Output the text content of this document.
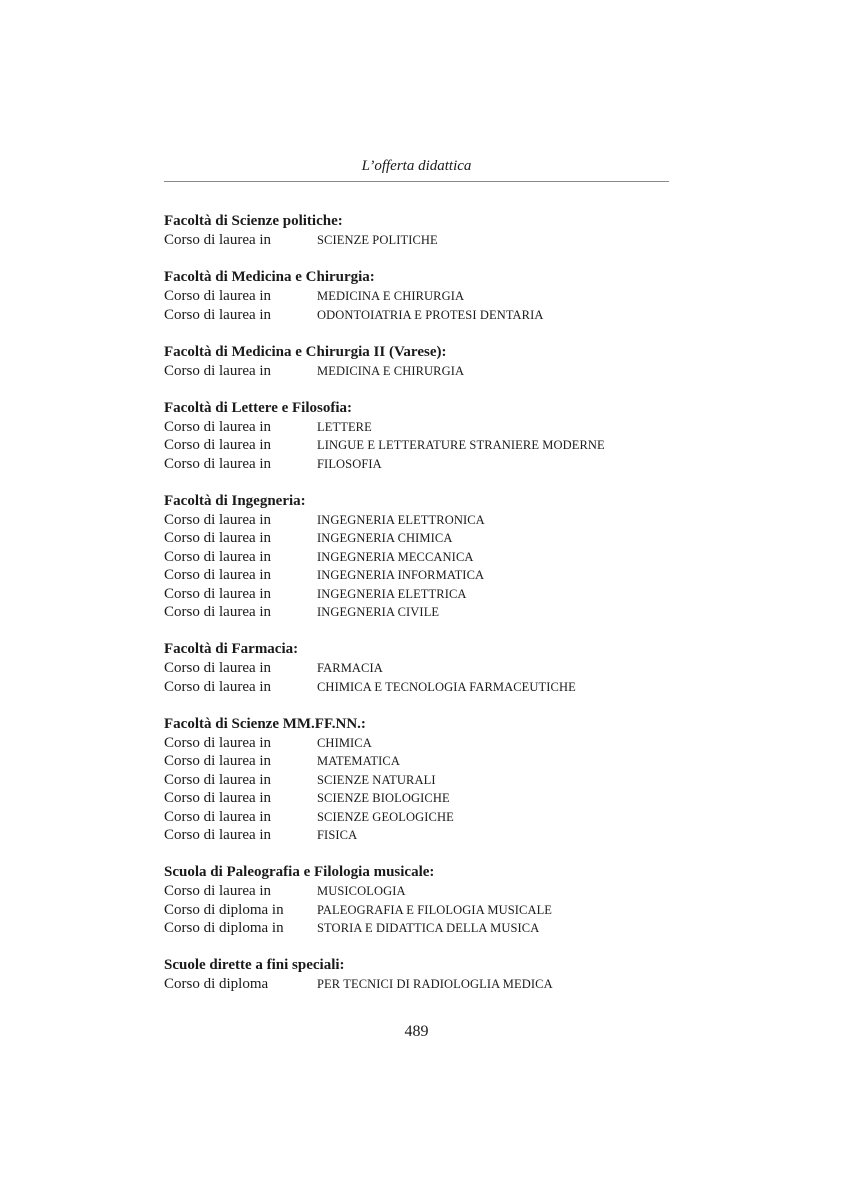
L’offerta didattica
Facoltà di Scienze politiche:
Corso di laurea in	SCIENZE POLITICHE
Facoltà di Medicina e Chirurgia:
Corso di laurea in	MEDICINA E CHIRURGIA
Corso di laurea in	ODONTOIATRIA E PROTESI DENTARIA
Facoltà di Medicina e Chirurgia II (Varese):
Corso di laurea in	MEDICINA E CHIRURGIA
Facoltà di Lettere e Filosofia:
Corso di laurea in	LETTERE
Corso di laurea in	LINGUE E LETTERATURE STRANIERE MODERNE
Corso di laurea in	FILOSOFIA
Facoltà di Ingegneria:
Corso di laurea in	INGEGNERIA ELETTRONICA
Corso di laurea in	INGEGNERIA CHIMICA
Corso di laurea in	INGEGNERIA MECCANICA
Corso di laurea in	INGEGNERIA INFORMATICA
Corso di laurea in	INGEGNERIA ELETTRICA
Corso di laurea in	INGEGNERIA CIVILE
Facoltà di Farmacia:
Corso di laurea in	FARMACIA
Corso di laurea in	CHIMICA E TECNOLOGIA FARMACEUTICHE
Facoltà di Scienze MM.FF.NN.:
Corso di laurea in	CHIMICA
Corso di laurea in	MATEMATICA
Corso di laurea in	SCIENZE NATURALI
Corso di laurea in	SCIENZE BIOLOGICHE
Corso di laurea in	SCIENZE GEOLOGICHE
Corso di laurea in	FISICA
Scuola di Paleografia e Filologia musicale:
Corso di laurea in	MUSICOLOGIA
Corso di diploma in	PALEOGRAFIA E FILOLOGIA MUSICALE
Corso di diploma in	STORIA E DIDATTICA DELLA MUSICA
Scuole dirette a fini speciali:
Corso di diploma	PER TECNICI DI RADIOLOGLIA MEDICA
489
